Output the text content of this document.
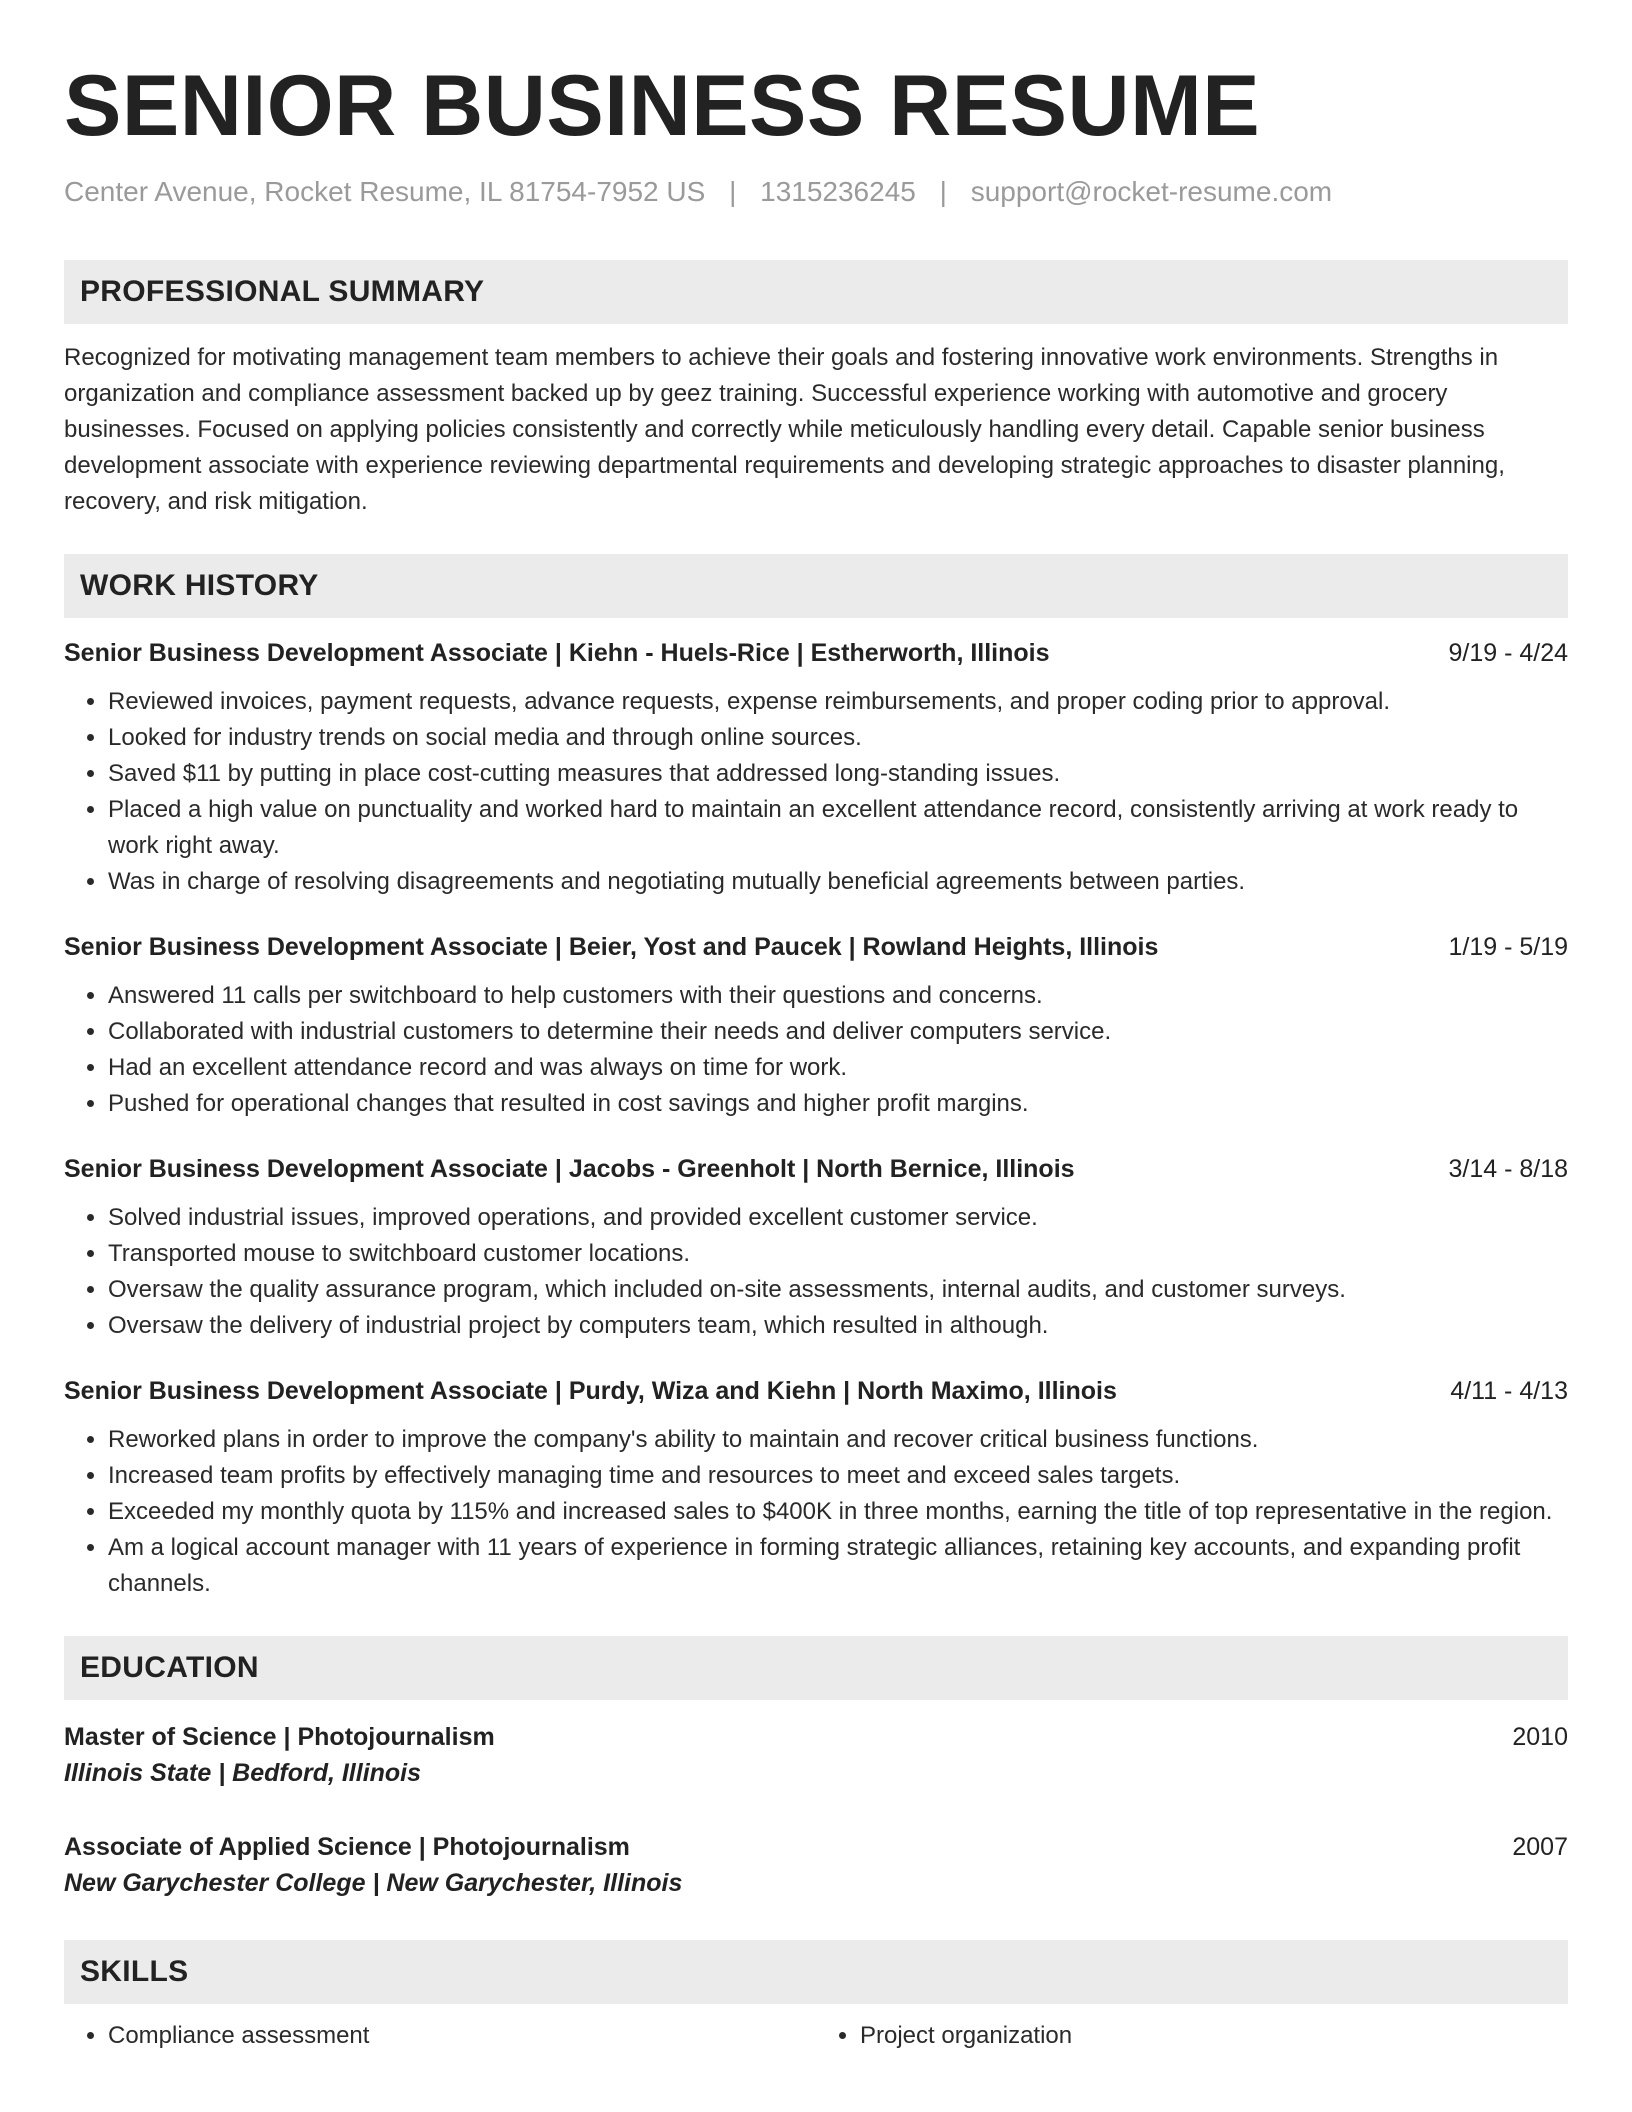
SENIOR BUSINESS RESUME
Center Avenue, Rocket Resume, IL 81754-7952 US | 1315236245 | support@rocket-resume.com
PROFESSIONAL SUMMARY
Recognized for motivating management team members to achieve their goals and fostering innovative work environments. Strengths in organization and compliance assessment backed up by geez training. Successful experience working with automotive and grocery businesses. Focused on applying policies consistently and correctly while meticulously handling every detail. Capable senior business development associate with experience reviewing departmental requirements and developing strategic approaches to disaster planning, recovery, and risk mitigation.
WORK HISTORY
Senior Business Development Associate | Kiehn - Huels-Rice | Estherworth, Illinois	9/19 - 4/24
• Reviewed invoices, payment requests, advance requests, expense reimbursements, and proper coding prior to approval.
• Looked for industry trends on social media and through online sources.
• Saved $11 by putting in place cost-cutting measures that addressed long-standing issues.
• Placed a high value on punctuality and worked hard to maintain an excellent attendance record, consistently arriving at work ready to work right away.
• Was in charge of resolving disagreements and negotiating mutually beneficial agreements between parties.
Senior Business Development Associate | Beier, Yost and Paucek | Rowland Heights, Illinois	1/19 - 5/19
• Answered 11 calls per switchboard to help customers with their questions and concerns.
• Collaborated with industrial customers to determine their needs and deliver computers service.
• Had an excellent attendance record and was always on time for work.
• Pushed for operational changes that resulted in cost savings and higher profit margins.
Senior Business Development Associate | Jacobs - Greenholt | North Bernice, Illinois	3/14 - 8/18
• Solved industrial issues, improved operations, and provided excellent customer service.
• Transported mouse to switchboard customer locations.
• Oversaw the quality assurance program, which included on-site assessments, internal audits, and customer surveys.
• Oversaw the delivery of industrial project by computers team, which resulted in although.
Senior Business Development Associate | Purdy, Wiza and Kiehn | North Maximo, Illinois	4/11 - 4/13
• Reworked plans in order to improve the company's ability to maintain and recover critical business functions.
• Increased team profits by effectively managing time and resources to meet and exceed sales targets.
• Exceeded my monthly quota by 115% and increased sales to $400K in three months, earning the title of top representative in the region.
• Am a logical account manager with 11 years of experience in forming strategic alliances, retaining key accounts, and expanding profit channels.
EDUCATION
Master of Science | Photojournalism	2010
Illinois State | Bedford, Illinois
Associate of Applied Science | Photojournalism	2007
New Garychester College | New Garychester, Illinois
SKILLS
• Compliance assessment
•	Project organization
